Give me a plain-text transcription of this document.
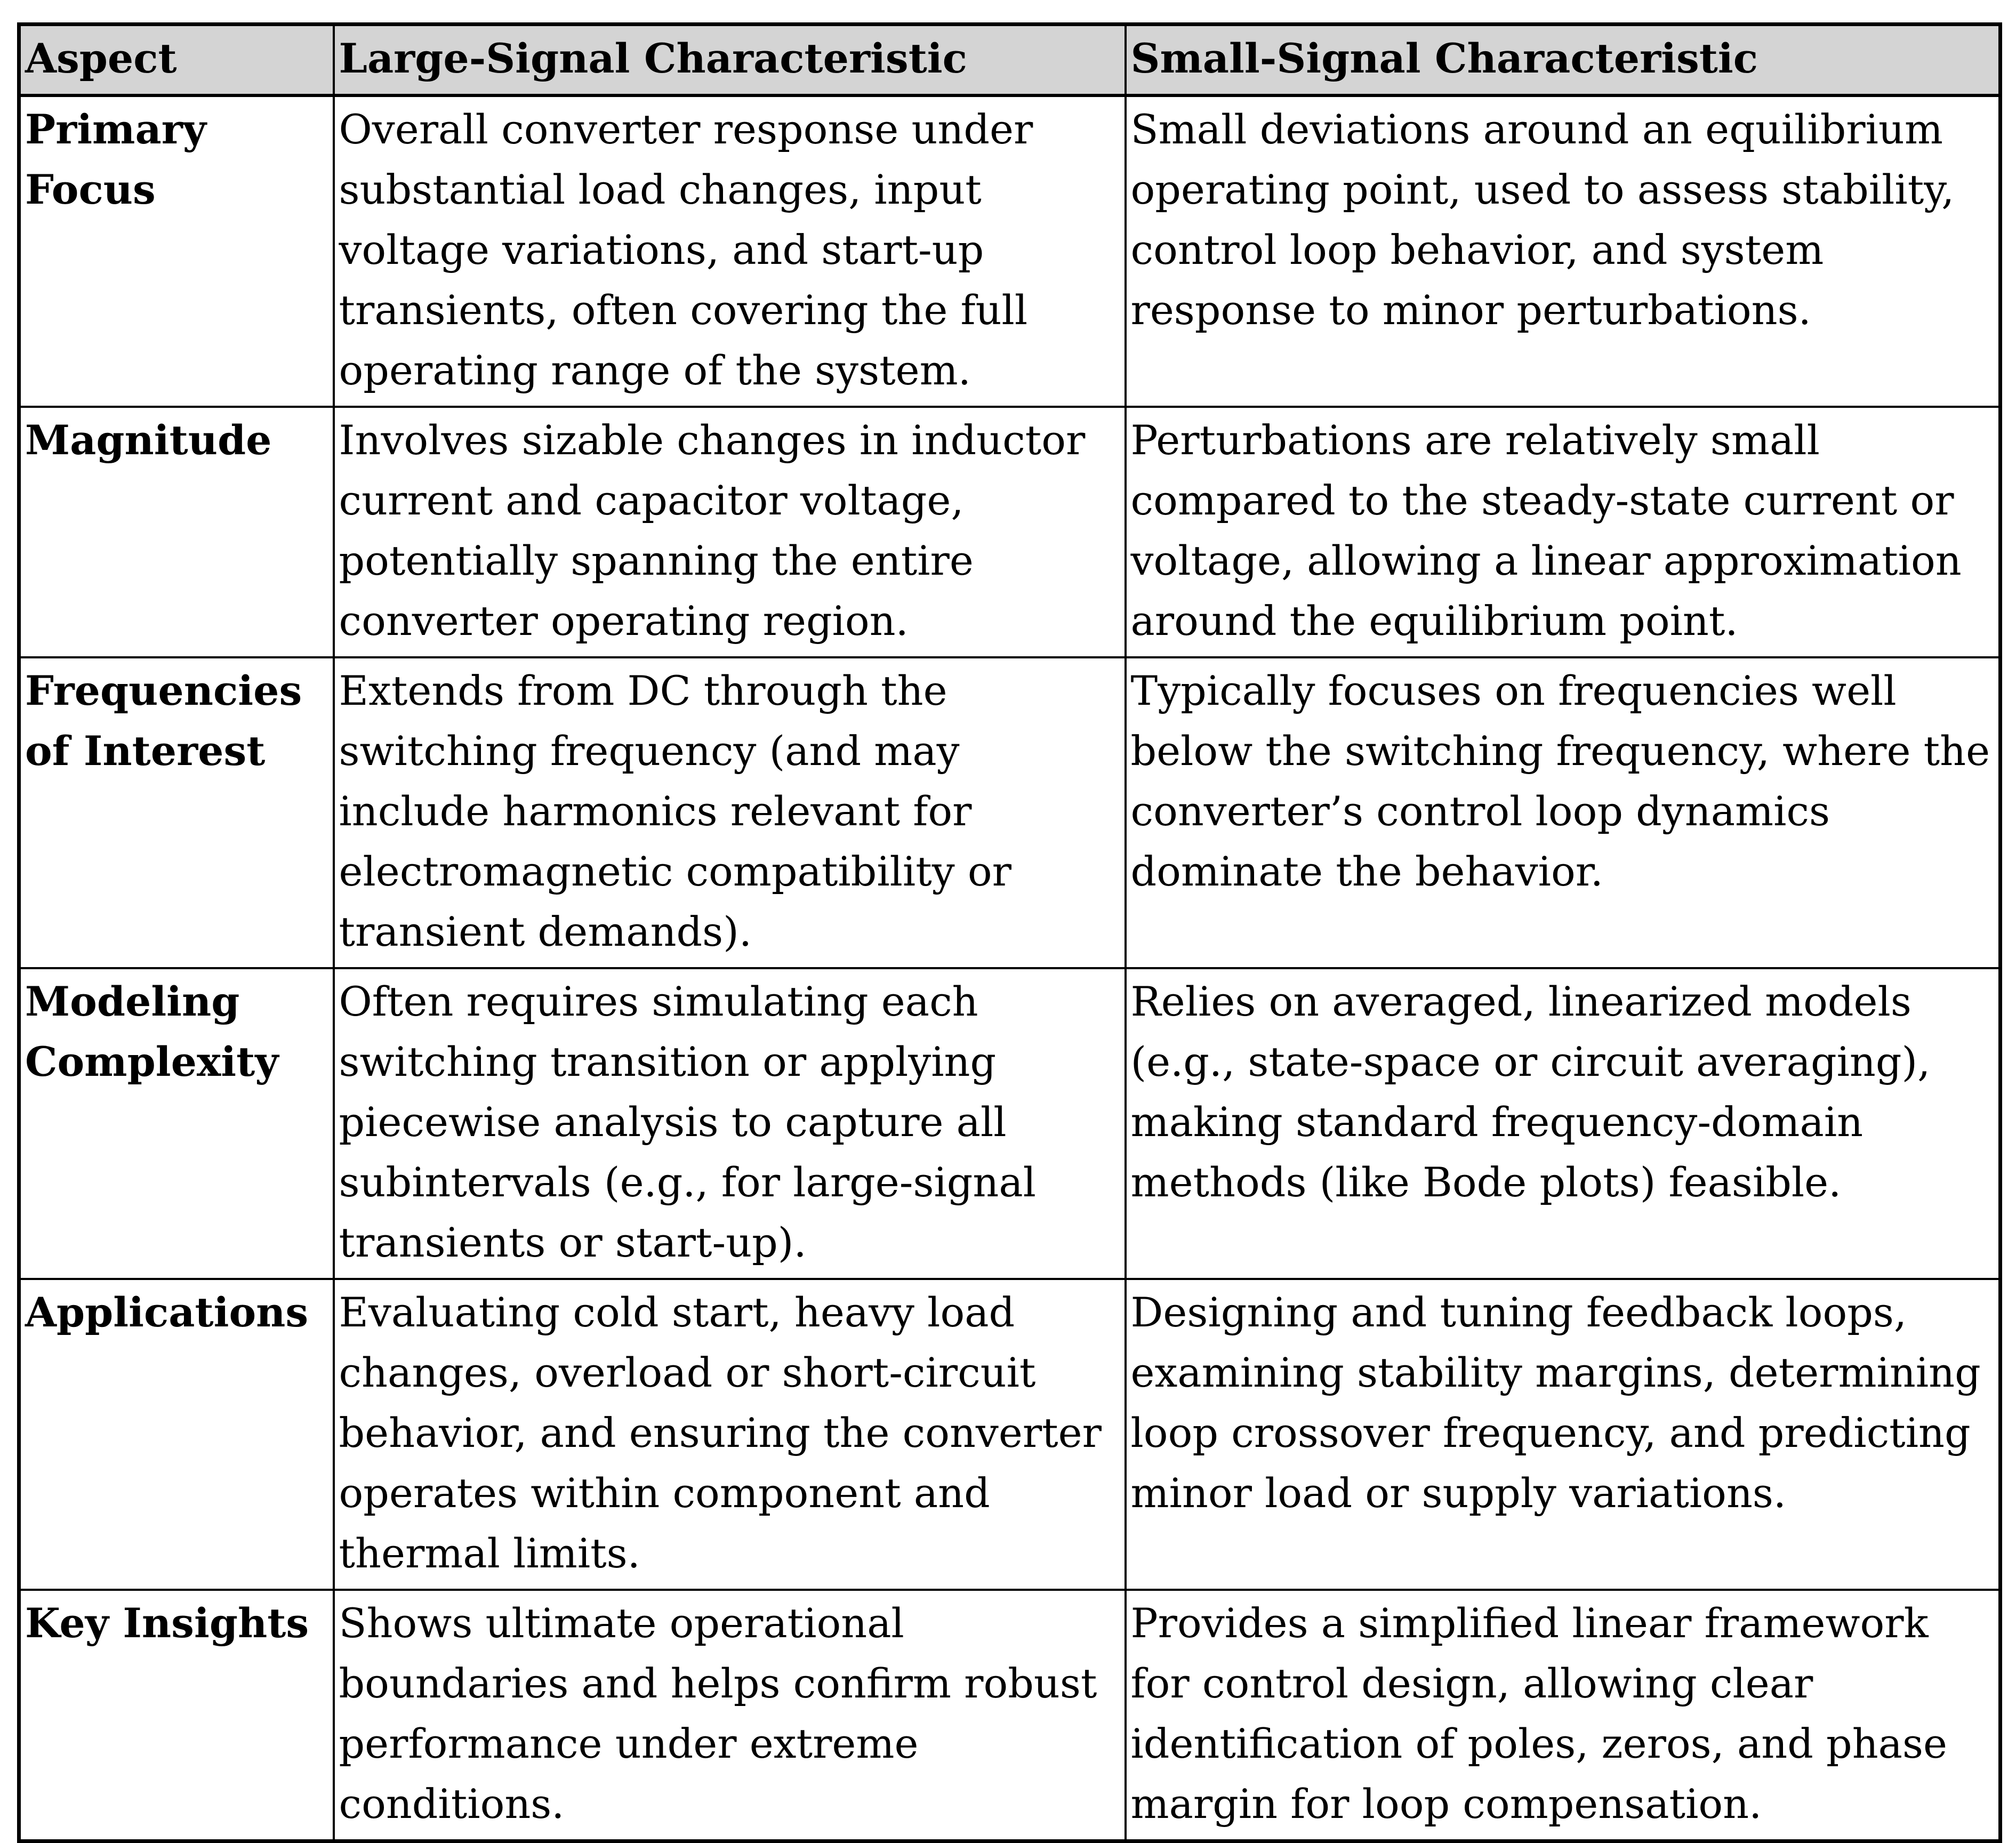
Aspect	Large-Signal Characteristic	Small-Signal Characteristic
Primary Focus	Overall converter response under substantial load changes, input voltage variations, and start-up transients, often covering the full operating range of the system.	Small deviations around an equilibrium operating point, used to assess stability, control loop behavior, and system response to minor perturbations.
Magnitude	Involves sizable changes in inductor current and capacitor voltage, potentially spanning the entire converter operating region.	Perturbations are relatively small compared to the steady-state current or voltage, allowing a linear approximation around the equilibrium point.
Frequencies of Interest	Extends from DC through the switching frequency (and may include harmonics relevant for electromagnetic compatibility or transient demands).	Typically focuses on frequencies well below the switching frequency, where the converter’s control loop dynamics dominate the behavior.
Modeling Complexity	Often requires simulating each switching transition or applying piecewise analysis to capture all subintervals (e.g., for large-signal transients or start-up).	Relies on averaged, linearized models (e.g., state-space or circuit averaging), making standard frequency-domain methods (like Bode plots) feasible.
Applications	Evaluating cold start, heavy load changes, overload or short-circuit behavior, and ensuring the converter operates within component and thermal limits.	Designing and tuning feedback loops, examining stability margins, determining loop crossover frequency, and predicting minor load or supply variations.
Key Insights	Shows ultimate operational boundaries and helps confirm robust performance under extreme conditions.	Provides a simplified linear framework for control design, allowing clear identification of poles, zeros, and phase margin for loop compensation.
